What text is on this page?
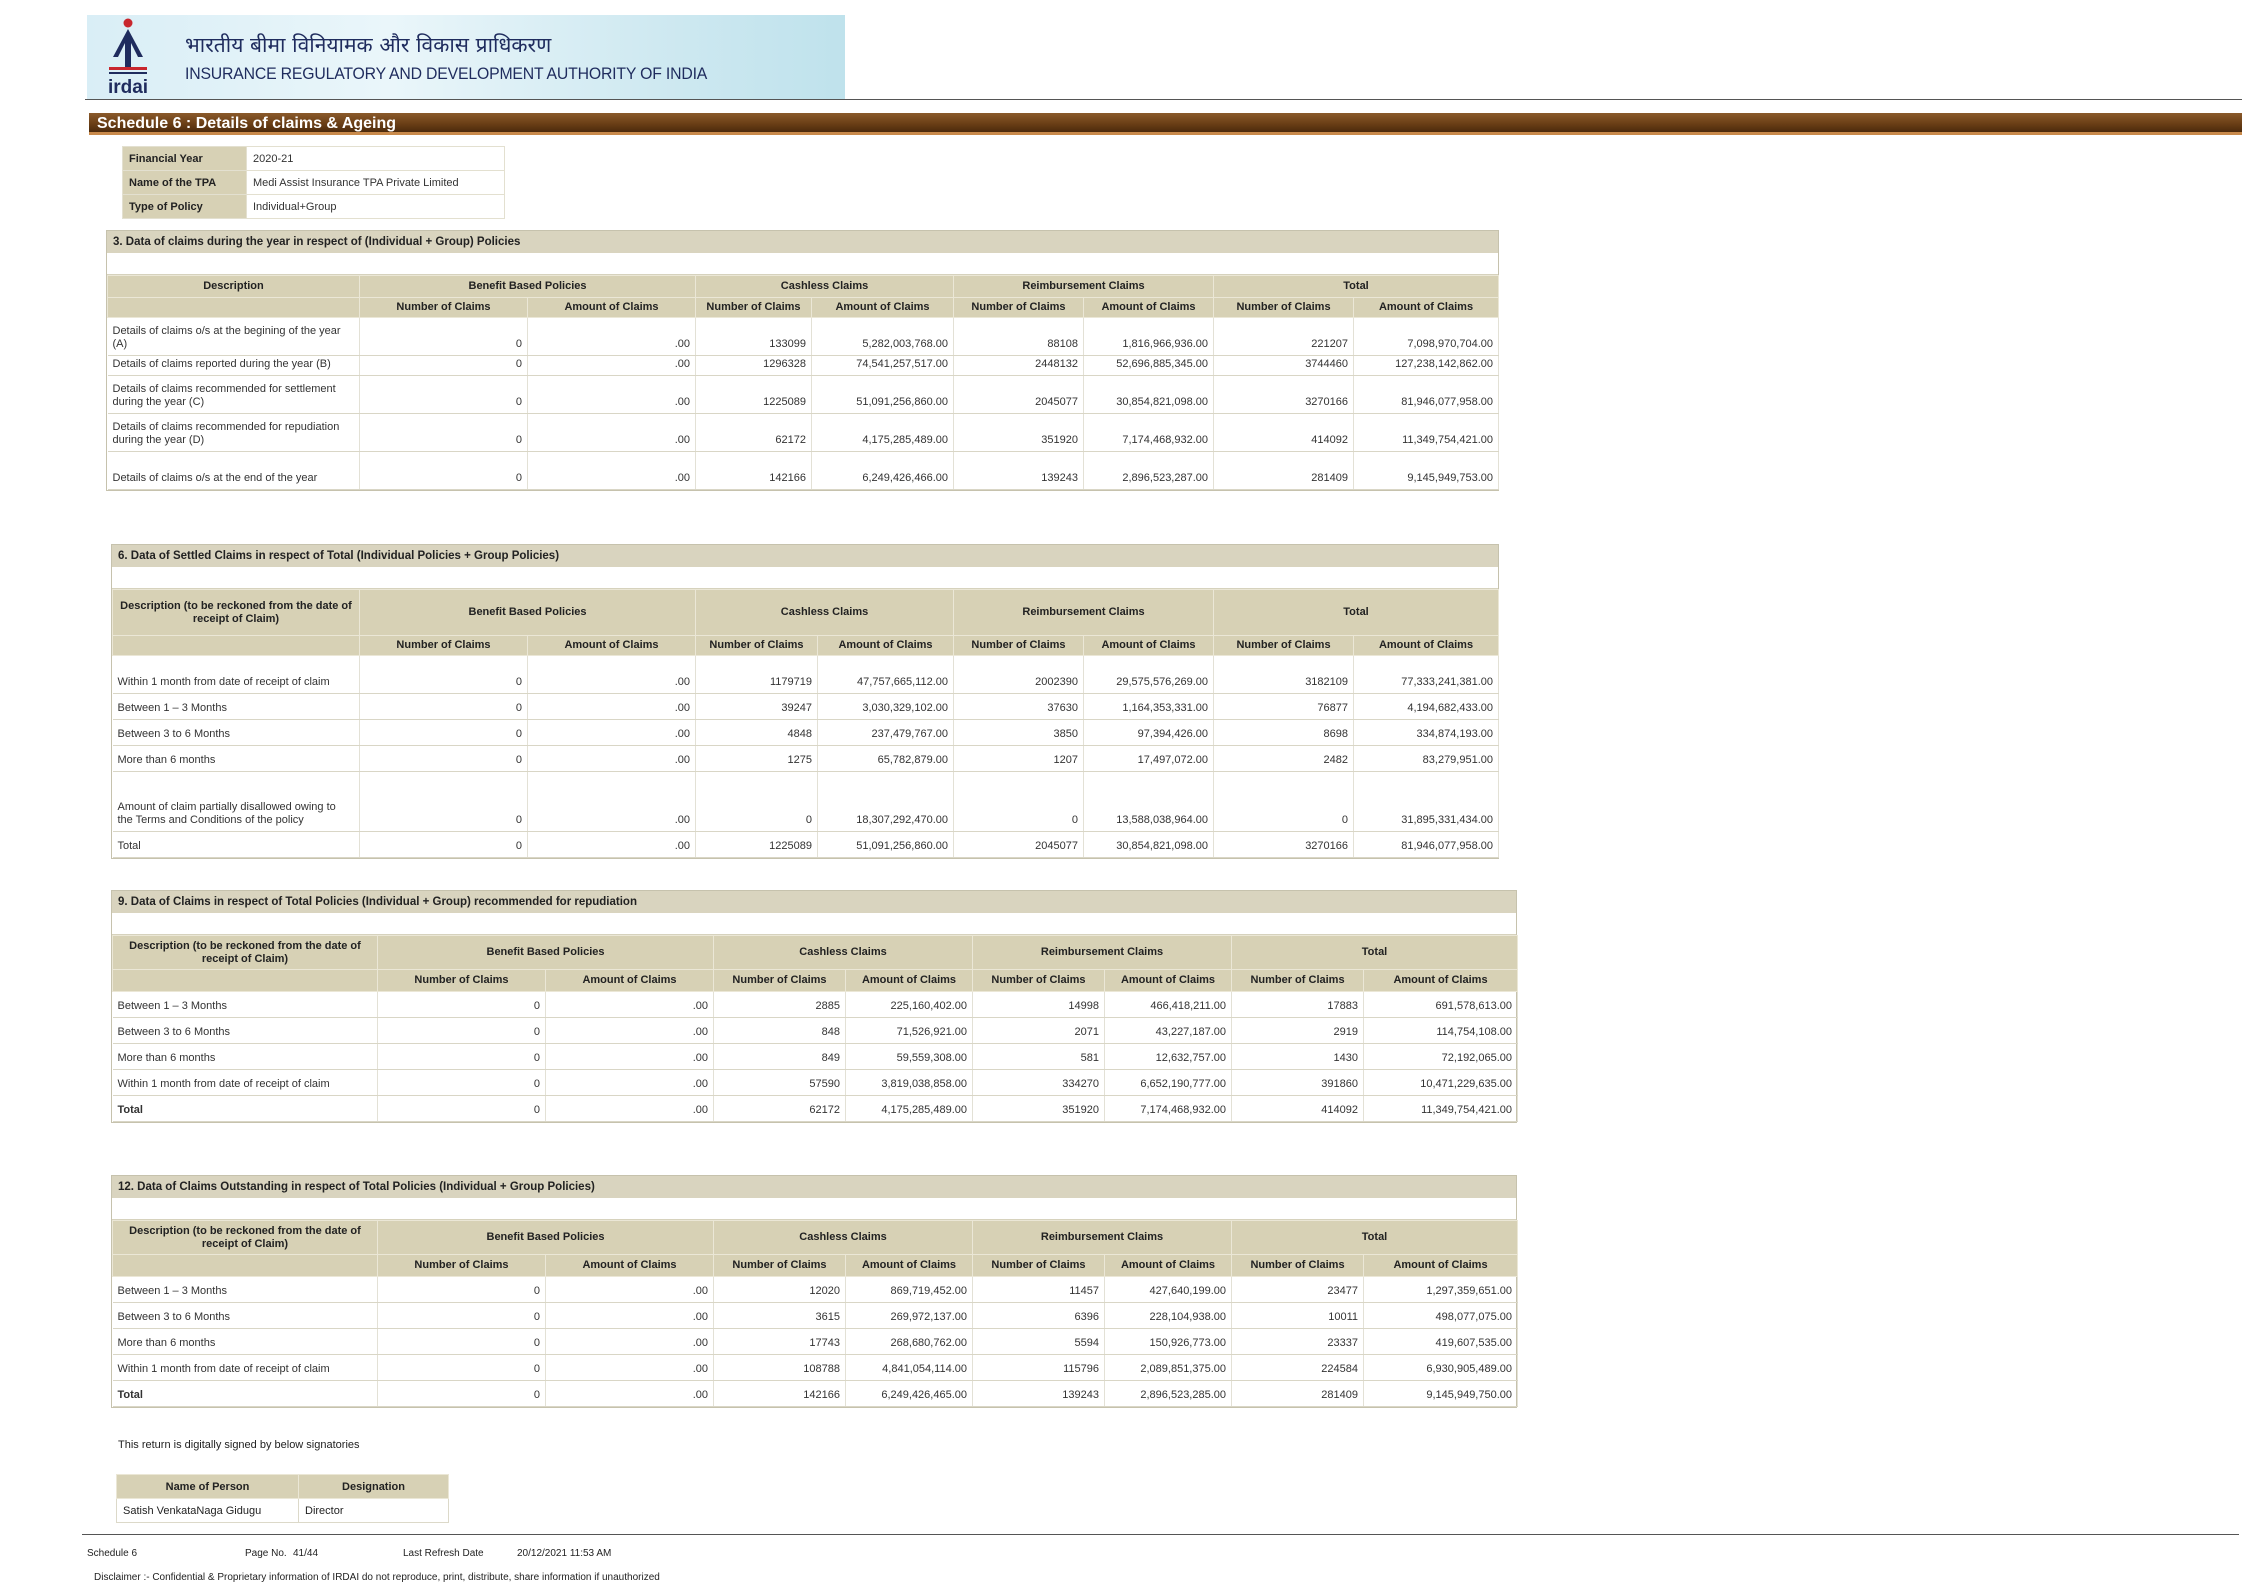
irdai
भारतीय बीमा विनियामक और विकास प्राधिकरण
INSURANCE REGULATORY AND DEVELOPMENT AUTHORITY OF INDIA
Schedule 6 : Details of claims & Ageing
Financial Year	2020-21
Name of the TPA	Medi Assist Insurance TPA Private Limited
Type of Policy	Individual+Group
3. Data of claims during the year in respect of (Individual + Group) Policies
Description	Benefit Based Policies		Cashless Claims		Reimbursement Claims		Total	
	Number of Claims	Amount of Claims	Number of Claims	Amount of Claims	Number of Claims	Amount of Claims	Number of Claims	Amount of Claims
Details of claims o/s at the begining of the year (A)	0	.00	133099	5,282,003,768.00	88108	1,816,966,936.00	221207	7,098,970,704.00
Details of claims reported during the year (B)	0	.00	1296328	74,541,257,517.00	2448132	52,696,885,345.00	3744460	127,238,142,862.00
Details of claims recommended for settlement during the year (C)	0	.00	1225089	51,091,256,860.00	2045077	30,854,821,098.00	3270166	81,946,077,958.00
Details of claims recommended for repudiation during the year (D)	0	.00	62172	4,175,285,489.00	351920	7,174,468,932.00	414092	11,349,754,421.00
Details of claims o/s at the end of the year	0	.00	142166	6,249,426,466.00	139243	2,896,523,287.00	281409	9,145,949,753.00
6. Data of Settled Claims in respect of Total (Individual Policies + Group Policies)
Description (to be reckoned from the date of receipt of Claim)	Benefit Based Policies		Cashless Claims		Reimbursement Claims		Total	
	Number of Claims	Amount of Claims	Number of Claims	Amount of Claims	Number of Claims	Amount of Claims	Number of Claims	Amount of Claims
Within 1 month from date of receipt of claim	0	.00	1179719	47,757,665,112.00	2002390	29,575,576,269.00	3182109	77,333,241,381.00
Between 1 – 3 Months	0	.00	39247	3,030,329,102.00	37630	1,164,353,331.00	76877	4,194,682,433.00
Between 3 to 6 Months	0	.00	4848	237,479,767.00	3850	97,394,426.00	8698	334,874,193.00
More than 6 months	0	.00	1275	65,782,879.00	1207	17,497,072.00	2482	83,279,951.00
Amount of claim partially disallowed owing to the Terms and Conditions of the policy	0	.00	0	18,307,292,470.00	0	13,588,038,964.00	0	31,895,331,434.00
Total	0	.00	1225089	51,091,256,860.00	2045077	30,854,821,098.00	3270166	81,946,077,958.00
9. Data of Claims in respect of Total Policies (Individual + Group) recommended for repudiation
Description (to be reckoned from the date of receipt of Claim)	Benefit Based Policies		Cashless Claims		Reimbursement Claims		Total	
	Number of Claims	Amount of Claims	Number of Claims	Amount of Claims	Number of Claims	Amount of Claims	Number of Claims	Amount of Claims
Between 1 – 3 Months	0	.00	2885	225,160,402.00	14998	466,418,211.00	17883	691,578,613.00
Between 3 to 6 Months	0	.00	848	71,526,921.00	2071	43,227,187.00	2919	114,754,108.00
More than 6 months	0	.00	849	59,559,308.00	581	12,632,757.00	1430	72,192,065.00
Within 1 month from date of receipt of claim	0	.00	57590	3,819,038,858.00	334270	6,652,190,777.00	391860	10,471,229,635.00
Total	0	.00	62172	4,175,285,489.00	351920	7,174,468,932.00	414092	11,349,754,421.00
12. Data of Claims Outstanding in respect of Total Policies (Individual + Group Policies)
Description (to be reckoned from the date of receipt of Claim)	Benefit Based Policies		Cashless Claims		Reimbursement Claims		Total	
	Number of Claims	Amount of Claims	Number of Claims	Amount of Claims	Number of Claims	Amount of Claims	Number of Claims	Amount of Claims
Between 1 – 3 Months	0	.00	12020	869,719,452.00	11457	427,640,199.00	23477	1,297,359,651.00
Between 3 to 6 Months	0	.00	3615	269,972,137.00	6396	228,104,938.00	10011	498,077,075.00
More than 6 months	0	.00	17743	268,680,762.00	5594	150,926,773.00	23337	419,607,535.00
Within 1 month from date of receipt of claim	0	.00	108788	4,841,054,114.00	115796	2,089,851,375.00	224584	6,930,905,489.00
Total	0	.00	142166	6,249,426,465.00	139243	2,896,523,285.00	281409	9,145,949,750.00
This return is digitally signed by below signatories
Name of Person	Designation
Satish VenkataNaga Gidugu	Director
Schedule 6	Page No. 41/44	Last Refresh Date	20/12/2021 11:53 AM
Disclaimer :- Confidential & Proprietary information of IRDAI do not reproduce, print, distribute, share information if unauthorized
